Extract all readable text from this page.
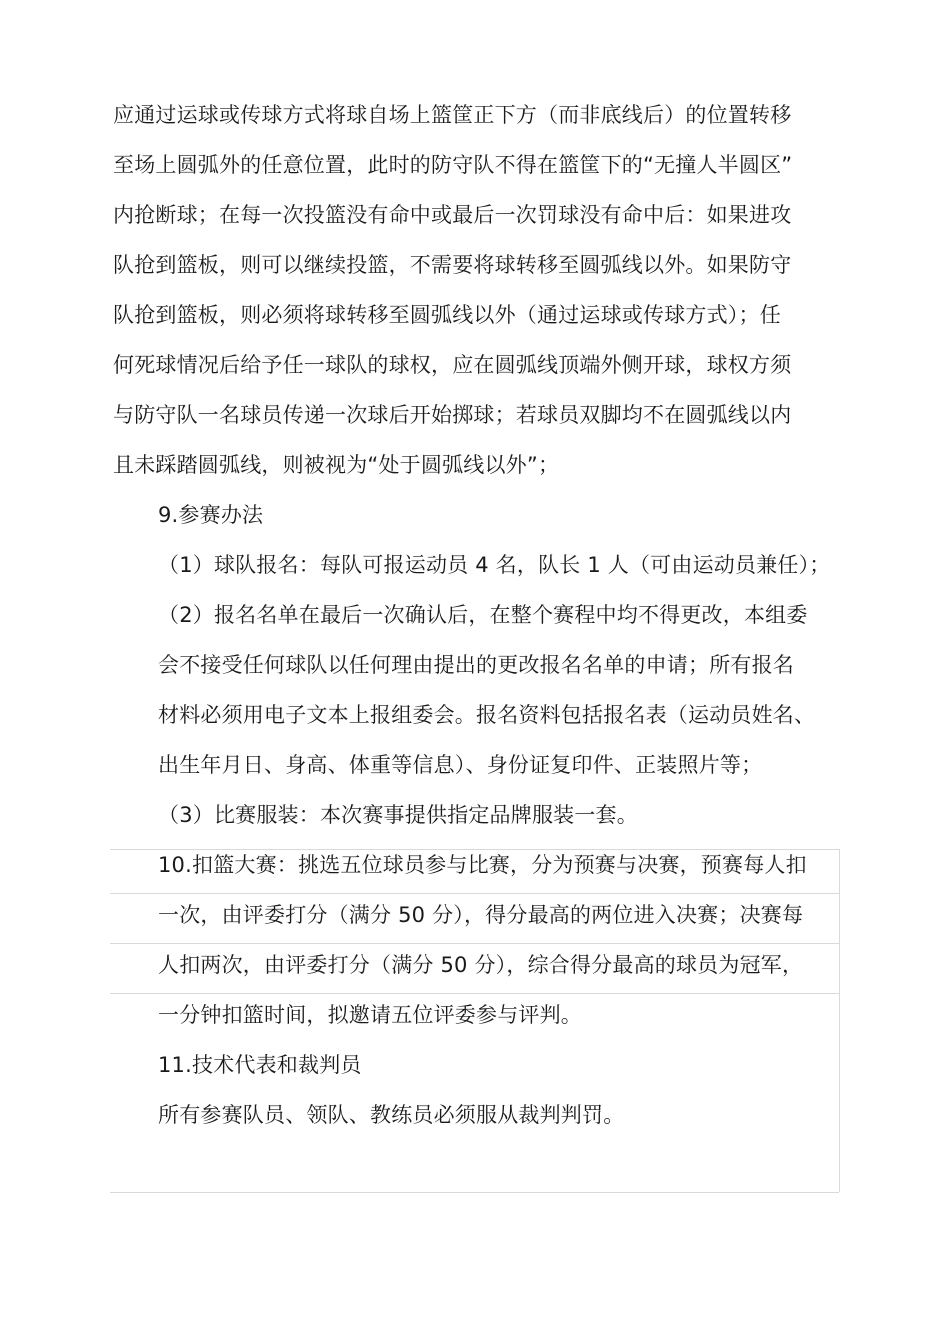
应通过运球或传球方式将球自场上篮筐正下方（而非底线后）的位置转移
至场上圆弧外的任意位置，此时的防守队不得在篮筐下的“无撞人半圆区”
内抢断球；在每一次投篮没有命中或最后一次罚球没有命中后：如果进攻
队抢到篮板，则可以继续投篮，不需要将球转移至圆弧线以外。如果防守
队抢到篮板，则必须将球转移至圆弧线以外（通过运球或传球方式）；任
何死球情况后给予任一球队的球权，应在圆弧线顶端外侧开球，球权方须
与防守队一名球员传递一次球后开始掷球；若球员双脚均不在圆弧线以内
且未踩踏圆弧线，则被视为“处于圆弧线以外”；
9.参赛办法
（1）球队报名：每队可报运动员 4 名，队长 1 人（可由运动员兼任）；
（2）报名名单在最后一次确认后，在整个赛程中均不得更改，本组委
会不接受任何球队以任何理由提出的更改报名名单的申请；所有报名
材料必须用电子文本上报组委会。报名资料包括报名表（运动员姓名、
出生年月日、身高、体重等信息）、身份证复印件、正装照片等；
（3）比赛服装：本次赛事提供指定品牌服装一套。
10.扣篮大赛：挑选五位球员参与比赛，分为预赛与决赛，预赛每人扣
一次，由评委打分（满分 50 分），得分最高的两位进入决赛；决赛每
人扣两次，由评委打分（满分 50 分），综合得分最高的球员为冠军，
一分钟扣篮时间，拟邀请五位评委参与评判。
11.技术代表和裁判员
所有参赛队员、领队、教练员必须服从裁判判罚。
